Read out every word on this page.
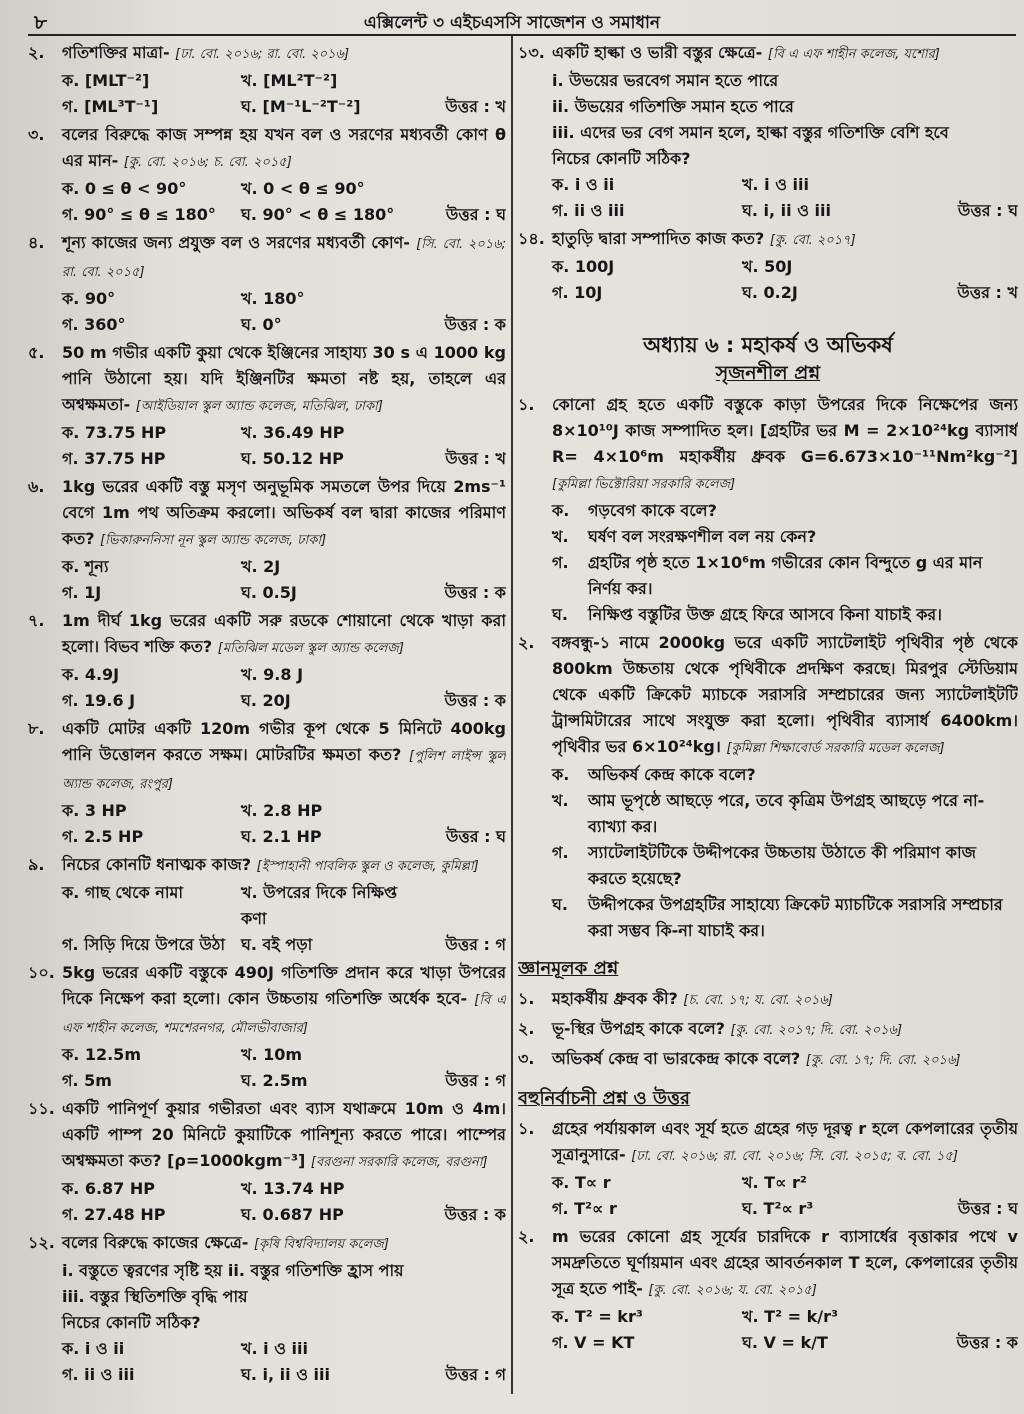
৮	এক্সিলেন্ট ৩ এইচএসসি সাজেশন ও সমাধান
২.	গতিশক্তির মাত্রা- [ঢা. বো. ২০১৬; রা. বো. ২০১৬]
ক. [MLT⁻²]	খ. [ML²T⁻²]
গ. [ML³T⁻¹]	ঘ. [M⁻¹L⁻²T⁻²]	উত্তর : খ
৩.	বলের বিরুদ্ধে কাজ সম্পন্ন হয় যখন বল ও সরণের মধ্যবর্তী কোণ θ এর মান- [কু. বো. ২০১৬; চ. বো. ২০১৫]
ক. 0 ≤ θ < 90°	খ. 0 < θ ≤ 90°
গ. 90° ≤ θ ≤ 180°	ঘ. 90° < θ ≤ 180°	উত্তর : ঘ
৪.	শূন্য কাজের জন্য প্রযুক্ত বল ও সরণের মধ্যবর্তী কোণ- [সি. বো. ২০১৬; রা. বো. ২০১৫]
ক. 90°	খ. 180°
গ. 360°	ঘ. 0°	উত্তর : ক
৫.	50 m গভীর একটি কুয়া থেকে ইঞ্জিনের সাহায্য 30 s এ 1000 kg পানি উঠানো হয়। যদি ইঞ্জিনটির ক্ষমতা নষ্ট হয়, তাহলে এর অশ্বক্ষমতা- [আইডিয়াল স্কুল অ্যান্ড কলেজ, মতিঝিল, ঢাকা]
ক. 73.75 HP	খ. 36.49 HP
গ. 37.75 HP	ঘ. 50.12 HP	উত্তর : খ
৬.	1kg ভরের একটি বস্তু মসৃণ অনুভূমিক সমতলে উপর দিয়ে 2ms⁻¹ বেগে 1m পথ অতিক্রম করলো। অভিকর্ষ বল দ্বারা কাজের পরিমাণ কত? [ভিকারুননিসা নূন স্কুল অ্যান্ড কলেজ, ঢাকা]
ক. শূন্য	খ. 2J
গ. 1J	ঘ. 0.5J	উত্তর : ক
৭.	1m দীর্ঘ 1kg ভরের একটি সরু রডকে শোয়ানো থেকে খাড়া করা হলো। বিভব শক্তি কত? [মতিঝিল মডেল স্কুল অ্যান্ড কলেজ]
ক. 4.9J	খ. 9.8 J
গ. 19.6 J	ঘ. 20J	উত্তর : ক
৮.	একটি মোটর একটি 120m গভীর কূপ থেকে 5 মিনিটে 400kg পানি উত্তোলন করতে সক্ষম। মোটরটির ক্ষমতা কত? [পুলিশ লাইন্স স্কুল অ্যান্ড কলেজ, রংপুর]
ক. 3 HP	খ. 2.8 HP
গ. 2.5 HP	ঘ. 2.1 HP	উত্তর : ঘ
৯.	নিচের কোনটি ধনাত্মক কাজ? [ইস্পাহানী পাবলিক স্কুল ও কলেজ, কুমিল্লা]
ক. গাছ থেকে নামা	খ. উপরের দিকে নিক্ষিপ্ত কণা
গ. সিড়ি দিয়ে উপরে উঠা ঘ. বই পড়া	উত্তর : গ
১০. 5kg ভরের একটি বস্তুকে 490J গতিশক্তি প্রদান করে খাড়া উপরের দিকে নিক্ষেপ করা হলো। কোন উচ্চতায় গতিশক্তি অর্ধেক হবে- [বি এ এফ শাহীন কলেজ, শমশেরনগর, মৌলভীবাজার]
ক. 12.5m	খ. 10m
গ. 5m	ঘ. 2.5m	উত্তর : গ
১১. একটি পানিপূর্ণ কুয়ার গভীরতা এবং ব্যাস যথাক্রমে 10m ও 4m। একটি পাম্প 20 মিনিটে কুয়াটিকে পানিশূন্য করতে পারে। পাম্পের অশ্বক্ষমতা কত? [ρ=1000kgm⁻³] [বরগুনা সরকারি কলেজ, বরগুনা]
ক. 6.87 HP	খ. 13.74 HP
গ. 27.48 HP	ঘ. 0.687 HP	উত্তর : ক
১২. বলের বিরুদ্ধে কাজের ক্ষেত্রে- [কৃষি বিশ্ববিদ্যালয় কলেজ]
i. বস্তুতে ত্বরণের সৃষ্টি হয় ii. বস্তুর গতিশক্তি হ্রাস পায়
iii. বস্তুর স্থিতিশক্তি বৃদ্ধি পায়
নিচের কোনটি সঠিক?
ক. i ও ii	খ. i ও iii
গ. ii ও iii	ঘ. i, ii ও iii	উত্তর : গ
১৩. একটি হাল্কা ও ভারী বস্তুর ক্ষেত্রে- [বি এ এফ শাহীন কলেজ, যশোর]
i. উভয়ের ভরবেগ সমান হতে পারে
ii. উভয়ের গতিশক্তি সমান হতে পারে
iii. এদের ভর বেগ সমান হলে, হাল্কা বস্তুর গতিশক্তি বেশি হবে
নিচের কোনটি সঠিক?
ক. i ও ii	খ. i ও iii
গ. ii ও iii	ঘ. i, ii ও iii	উত্তর : ঘ
১৪. হাতুড়ি দ্বারা সম্পাদিত কাজ কত? [কু. বো. ২০১৭]
ক. 100J	খ. 50J
গ. 10J	ঘ. 0.2J	উত্তর : খ
অধ্যায় ৬ : মহাকর্ষ ও অভিকর্ষ
সৃজনশীল প্রশ্ন
১.	কোনো গ্রহ হতে একটি বস্তুকে কাড়া উপরের দিকে নিক্ষেপের জন্য 8×10¹⁰J কাজ সম্পাদিত হল। [গ্রহটির ভর M = 2×10²⁴kg ব্যাসার্ধ R= 4×10⁶m মহাকর্ষীয় ধ্রুবক G=6.673×10⁻¹¹Nm²kg⁻²] [কুমিল্লা ভিক্টোরিয়া সরকারি কলেজ]
ক.	গড়বেগ কাকে বলে?
খ.	ঘর্ষণ বল সংরক্ষণশীল বল নয় কেন?
গ.	গ্রহটির পৃষ্ঠ হতে 1×10⁶m গভীরের কোন বিন্দুতে g এর মান নির্ণয় কর।
ঘ.	নিক্ষিপ্ত বস্তুটির উক্ত গ্রহে ফিরে আসবে কিনা যাচাই কর।
২.	বঙ্গবন্ধু-১ নামে 2000kg ভরে একটি স্যাটেলাইট পৃথিবীর পৃষ্ঠ থেকে 800km উচ্চতায় থেকে পৃথিবীকে প্রদক্ষিণ করছে। মিরপুর স্টেডিয়াম থেকে একটি ক্রিকেট ম্যাচকে সরাসরি সম্প্রচারের জন্য স্যাটেলাইটটি ট্রান্সমিটারের সাথে সংযুক্ত করা হলো। পৃথিবীর ব্যাসার্ধ 6400km। পৃথিবীর ভর 6×10²⁴kg। [কুমিল্লা শিক্ষাবোর্ড সরকারি মডেল কলেজ]
ক.	অভিকর্ষ কেন্দ্র কাকে বলে?
খ.	আম ভূপৃষ্ঠে আছড়ে পরে, তবে কৃত্রিম উপগ্রহ আছড়ে পরে না-ব্যাখ্যা কর।
গ.	স্যাটেলাইটটিকে উদ্দীপকের উচ্চতায় উঠাতে কী পরিমাণ কাজ করতে হয়েছে?
ঘ.	উদ্দীপকের উপগ্রহটির সাহায্যে ক্রিকেট ম্যাচটিকে সরাসরি সম্প্রচার করা সম্ভব কি-না যাচাই কর।
জ্ঞানমূলক প্রশ্ন
১.	মহাকর্ষীয় ধ্রুবক কী? [চ. বো. ১৭; য. বো. ২০১৬]
২.	ভূ-স্থির উপগ্রহ কাকে বলে? [কু. বো. ২০১৭; দি. বো. ২০১৬]
৩.	অভিকর্ষ কেন্দ্র বা ভারকেন্দ্র কাকে বলে? [কু. বো. ১৭; দি. বো. ২০১৬]
বহুনির্বাচনী প্রশ্ন ও উত্তর
১.	গ্রহের পর্যায়কাল এবং সূর্য হতে গ্রহের গড় দূরত্ব r হলে কেপলারের তৃতীয় সূত্রানুসারে- [ঢা. বো. ২০১৬; রা. বো. ২০১৬; সি. বো. ২০১৫; ব. বো. ১৫]
ক. T∝ r	খ. T∝ r²
গ. T²∝ r	ঘ. T²∝ r³	উত্তর : ঘ
২.	m ভরের কোনো গ্রহ সূর্যের চারদিকে r ব্যাসার্ধের বৃত্তাকার পথে v সমদ্রুতিতে ঘূর্ণায়মান এবং গ্রহের আবর্তনকাল T হলে, কেপলারের তৃতীয় সূত্র হতে পাই- [কু. বো. ২০১৬; য. বো. ২০১৫]
ক. T² = kr³	খ. T² = k/r³
গ. V = KT	ঘ. V = k/T	উত্তর : ক
